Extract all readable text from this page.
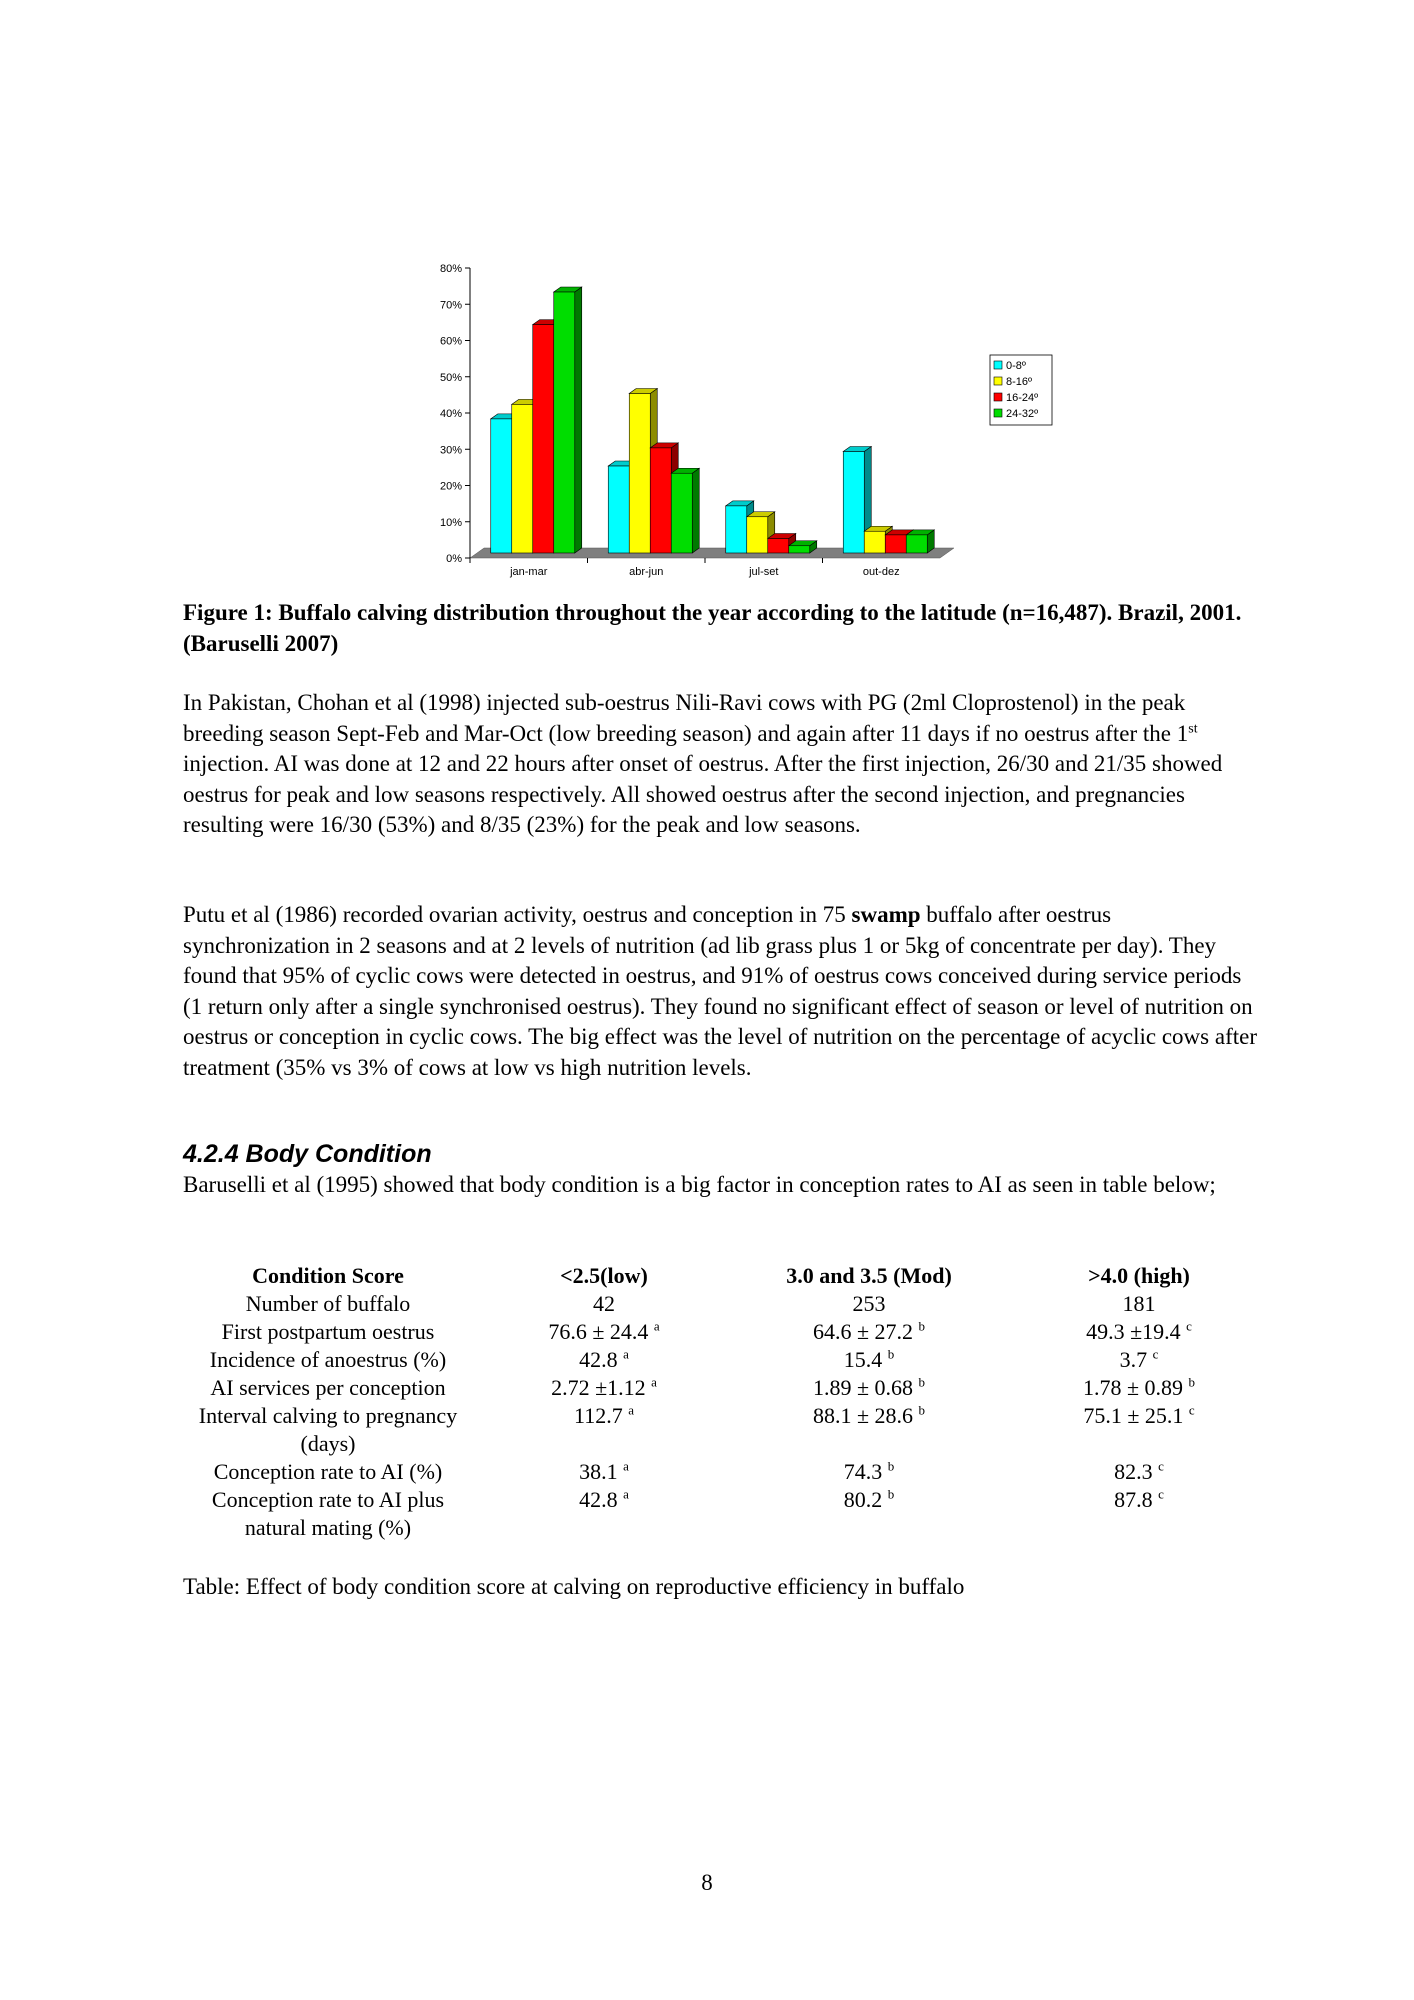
0%
10%
20%
30%
40%
50%
60%
70%
80%
jan-mar	abr-jun	jul-set	out-dez
0-8º
8-16º
16-24º
24-32º
Figure 1: Buffalo calving distribution throughout the year according to the latitude (n=16,487). Brazil, 2001. (Baruselli 2007)
In Pakistan, Chohan et al (1998) injected sub-oestrus Nili-Ravi cows with PG (2ml Cloprostenol) in the peak breeding season Sept-Feb and Mar-Oct (low breeding season) and again after 11 days if no oestrus after the 1st injection. AI was done at 12 and 22 hours after onset of oestrus. After the first injection, 26/30 and 21/35 showed oestrus for peak and low seasons respectively. All showed oestrus after the second injection, and pregnancies resulting were 16/30 (53%) and 8/35 (23%) for the peak and low seasons.
Putu et al (1986) recorded ovarian activity, oestrus and conception in 75 swamp buffalo after oestrus synchronization in 2 seasons and at 2 levels of nutrition (ad lib grass plus 1 or 5kg of concentrate per day). They found that 95% of cyclic cows were detected in oestrus, and 91% of oestrus cows conceived during service periods (1 return only after a single synchronised oestrus). They found no significant effect of season or level of nutrition on oestrus or conception in cyclic cows. The big effect was the level of nutrition on the percentage of acyclic cows after treatment (35% vs 3% of cows at low vs high nutrition levels.
4.2.4 Body Condition
Baruselli et al (1995) showed that body condition is a big factor in conception rates to AI as seen in table below;
Condition Score	<2.5(low)	3.0 and 3.5 (Mod)	>4.0 (high)
Number of buffalo	42	253	181
First postpartum oestrus	76.6 ± 24.4 $^a$	64.6 ± 27.2 $^b$	49.3 ±19.4 $^c$
Incidence of anoestrus (%)	42.8 $^a$	15.4 $^b$	3.7 $^c$
AI services per conception	2.72 ±1.12 $^a$	1.89 ± 0.68 $^b$	1.78 ± 0.89 $^b$
Interval calving to pregnancy (days)	112.7 $^a$	88.1 ± 28.6 $^b$	75.1 ± 25.1 $^c$
Conception rate to AI (%)	38.1 $^a$	74.3 $^b$	82.3 $^c$
Conception rate to AI plus natural mating (%)	42.8 $^a$	80.2 $^b$	87.8 $^c$
Table: Effect of body condition score at calving on reproductive efficiency in buffalo
8
